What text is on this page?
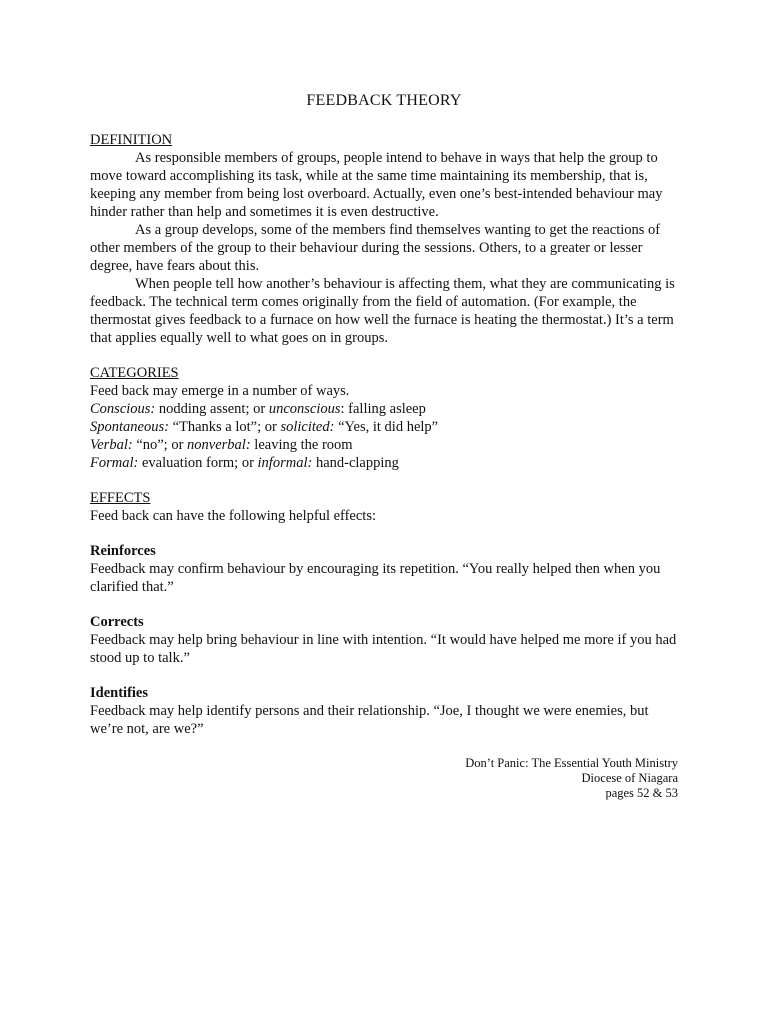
FEEDBACK THEORY

DEFINITION

As responsible members of groups, people intend to behave in ways that help the group to move toward accomplishing its task, while at the same time maintaining its membership, that is, keeping any member from being lost overboard. Actually, even one’s best-intended behaviour may hinder rather than help and sometimes it is even destructive.

As a group develops, some of the members find themselves wanting to get the reactions of other members of the group to their behaviour during the sessions. Others, to a greater or lesser degree, have fears about this.

When people tell how another’s behaviour is affecting them, what they are communicating is feedback. The technical term comes originally from the field of automation. (For example, the thermostat gives feedback to a furnace on how well the furnace is heating the thermostat.) It’s a term that applies equally well to what goes on in groups.

CATEGORIES

Feed back may emerge in a number of ways.

Conscious: nodding assent; or unconscious: falling asleep

Spontaneous: “Thanks a lot”; or solicited: “Yes, it did help”

Verbal: “no”; or nonverbal: leaving the room

Formal: evaluation form; or informal: hand-clapping

EFFECTS

Feed back can have the following helpful effects:

Reinforces

Feedback may confirm behaviour by encouraging its repetition. “You really helped then when you clarified that.”

Corrects

Feedback may help bring behaviour in line with intention. “It would have helped me more if you had stood up to talk.”

Identifies

Feedback may help identify persons and their relationship. “Joe, I thought we were enemies, but we’re not, are we?”

Don’t Panic: The Essential Youth Ministry
Diocese of Niagara
pages 52 & 53
